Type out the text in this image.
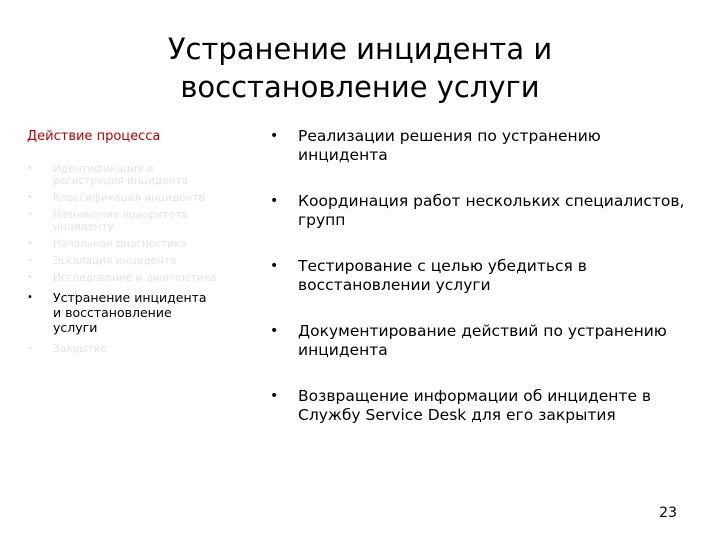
Устранение инцидента и восстановление услуги
Действие процесса
• Идентификация и регистрация инцидента
• Классификация инцидента
• Назначение приоритета инциденту
• Начальная диагностика
• Эскалация инцидента
• Исследование и диагностика
• Устранение инцидента и восстановление услуги
• Закрытие
• Реализации решения по устранению инцидента
• Координация работ нескольких специалистов, групп
• Тестирование с целью убедиться в восстановлении услуги
• Документирование действий по устранению инцидента
• Возвращение информации об инциденте в Службу Service Desk для его закрытия
23
